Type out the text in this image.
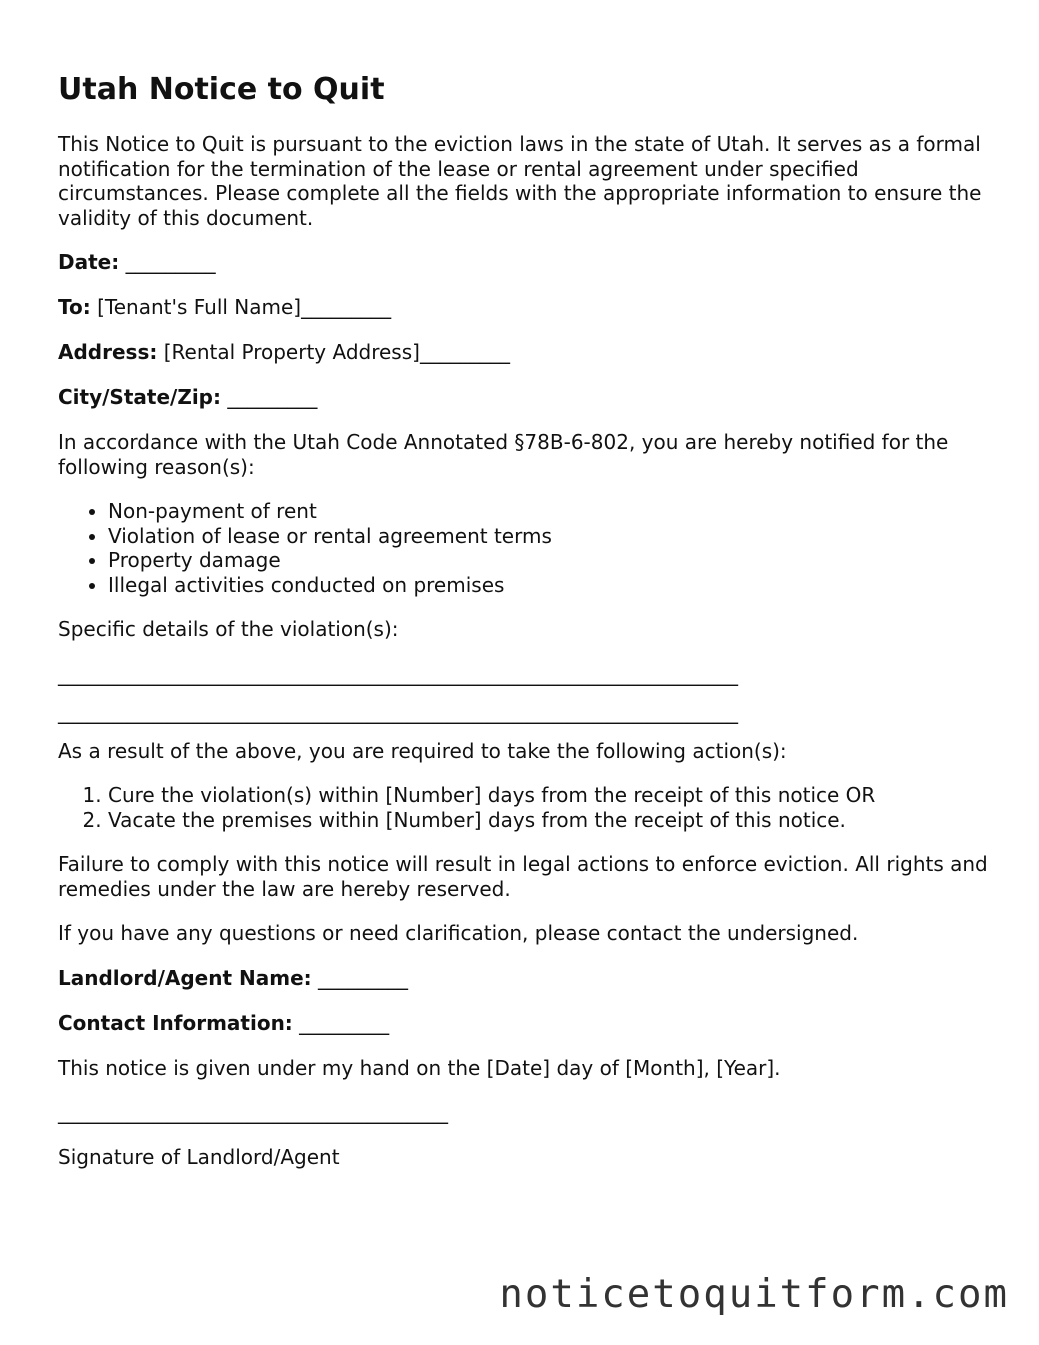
Utah Notice to Quit

This Notice to Quit is pursuant to the eviction laws in the state of Utah. It serves as a formal notification for the termination of the lease or rental agreement under specified circumstances. Please complete all the fields with the appropriate information to ensure the validity of this document.

Date: _________

To: [Tenant's Full Name]_________

Address: [Rental Property Address]_________

City/State/Zip: _________

In accordance with the Utah Code Annotated §78B-6-802, you are hereby notified for the following reason(s):

• Non-payment of rent
• Violation of lease or rental agreement terms
• Property damage
• Illegal activities conducted on premises

Specific details of the violation(s):

____________________________________________________________________

____________________________________________________________________

As a result of the above, you are required to take the following action(s):

1. Cure the violation(s) within [Number] days from the receipt of this notice OR
2. Vacate the premises within [Number] days from the receipt of this notice.

Failure to comply with this notice will result in legal actions to enforce eviction. All rights and remedies under the law are hereby reserved.

If you have any questions or need clarification, please contact the undersigned.

Landlord/Agent Name: _________

Contact Information: _________

This notice is given under my hand on the [Date] day of [Month], [Year].

_______________________________________

Signature of Landlord/Agent

noticetoquitform.com
